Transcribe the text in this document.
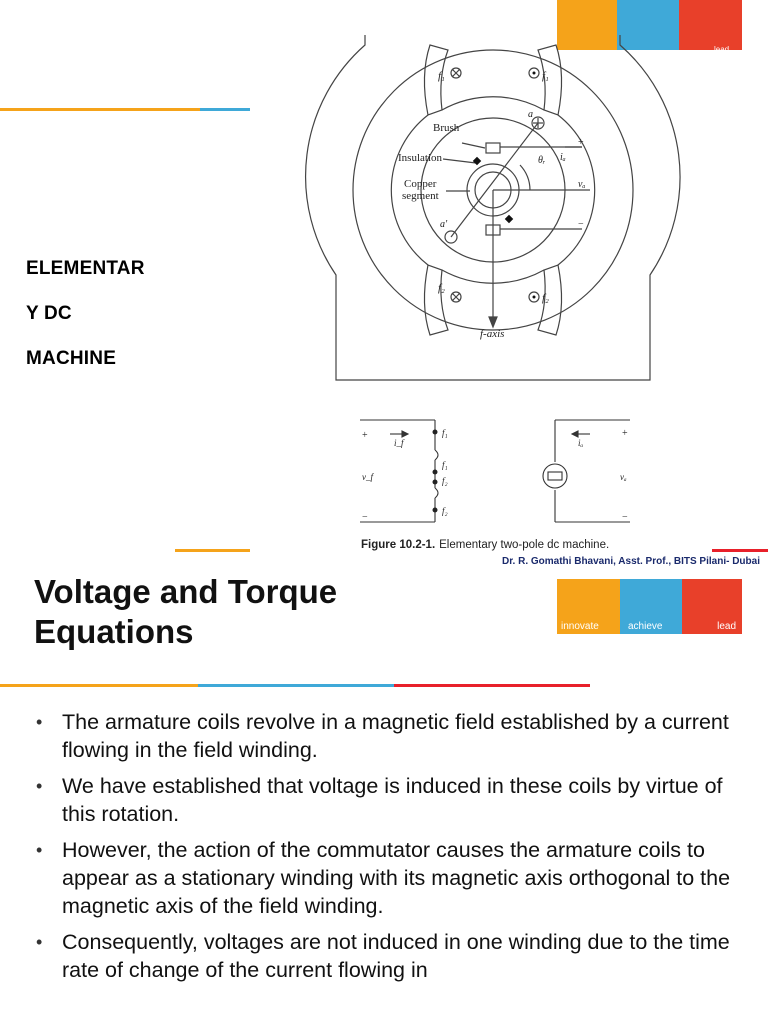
lead
ELEMENTAR
Y DC
MACHINE
f₁	f₁
f₂
f₂
Brush
Insulation
Copper
segment
a
a′
iₐ
θᵣ
vₐ
+
−
f-axis
+
−
i_f
v_f
f₁
f₁
f₂
f₂
+
−
iₐ
vₐ
Figure 10.2-1. Elementary two-pole dc machine.
Dr. R. Gomathi Bhavani, Asst. Prof., BITS Pilani- Dubai
Voltage and Torque Equations	innovate	achieve	lead
• The armature coils revolve in a magnetic field established by a current flowing in the field winding.
• We have established that voltage is induced in these coils by virtue of this rotation.
• However, the action of the commutator causes the armature coils to appear as a stationary winding with its magnetic axis orthogonal to the magnetic axis of the field winding.
• Consequently, voltages are not induced in one winding due to the time rate of change of the current flowing in
